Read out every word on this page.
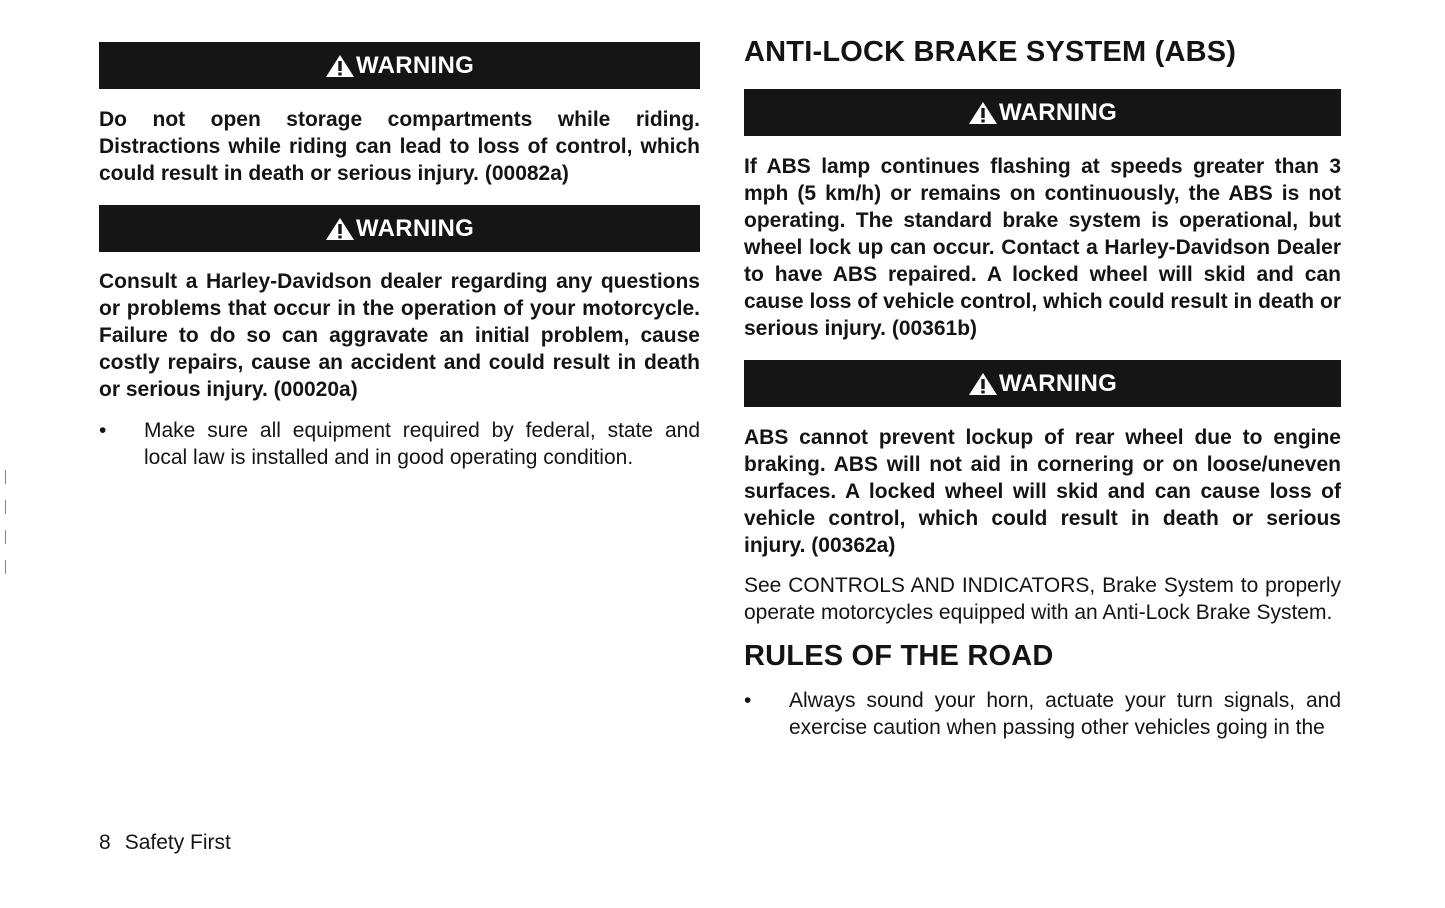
WARNING

Do not open storage compartments while riding. Distractions while riding can lead to loss of control, which could result in death or serious injury. (00082a)

WARNING

Consult a Harley-Davidson dealer regarding any questions or problems that occur in the operation of your motorcycle. Failure to do so can aggravate an initial problem, cause costly repairs, cause an accident and could result in death or serious injury. (00020a)

• Make sure all equipment required by federal, state and local law is installed and in good operating condition.
ANTI-LOCK BRAKE SYSTEM (ABS)
WARNING

If ABS lamp continues flashing at speeds greater than 3 mph (5 km/h) or remains on continuously, the ABS is not operating. The standard brake system is operational, but wheel lock up can occur. Contact a Harley-Davidson Dealer to have ABS repaired. A locked wheel will skid and can cause loss of vehicle control, which could result in death or serious injury. (00361b)

WARNING

ABS cannot prevent lockup of rear wheel due to engine braking. ABS will not aid in cornering or on loose/uneven surfaces. A locked wheel will skid and can cause loss of vehicle control, which could result in death or serious injury. (00362a)

See CONTROLS AND INDICATORS, Brake System to properly operate motorcycles equipped with an Anti-Lock Brake System.

RULES OF THE ROAD
• Always sound your horn, actuate your turn signals, and exercise caution when passing other vehicles going in the
8 Safety First
